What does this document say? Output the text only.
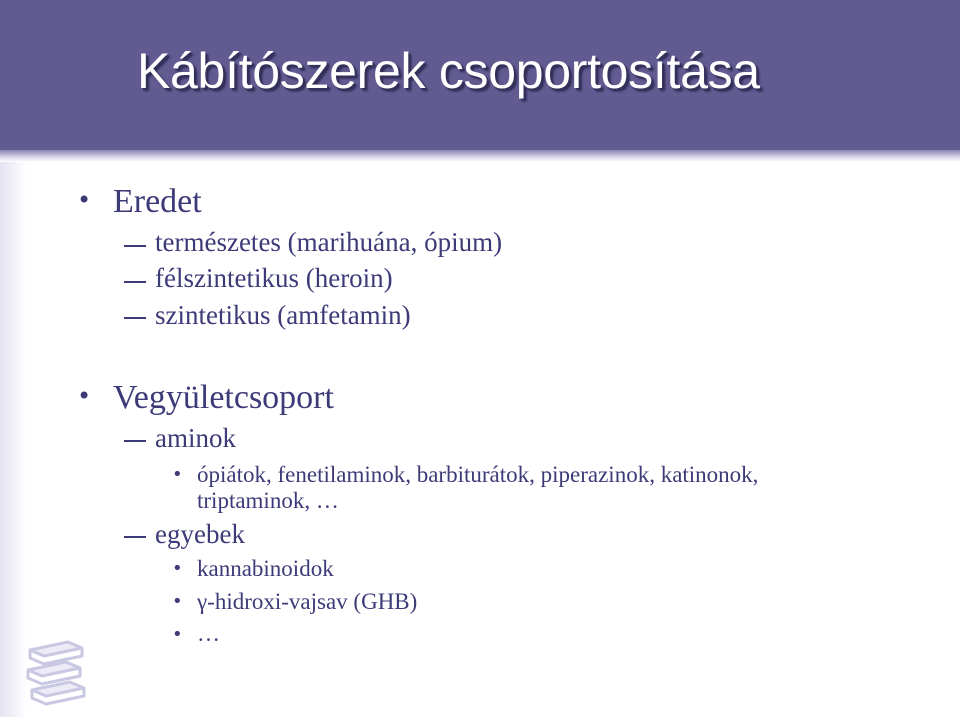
Kábítószerek csoportosítása
• Eredet
természetes (marihuána, ópium)
félszintetikus (heroin)
szintetikus (amfetamin)
• Vegyületcsoport
aminok
• ópiátok, fenetilaminok, barbiturátok, piperazinok, katinonok,
triptaminok, …
egyebek
• kannabinoidok
• γ-hidroxi-vajsav (GHB)
• …
